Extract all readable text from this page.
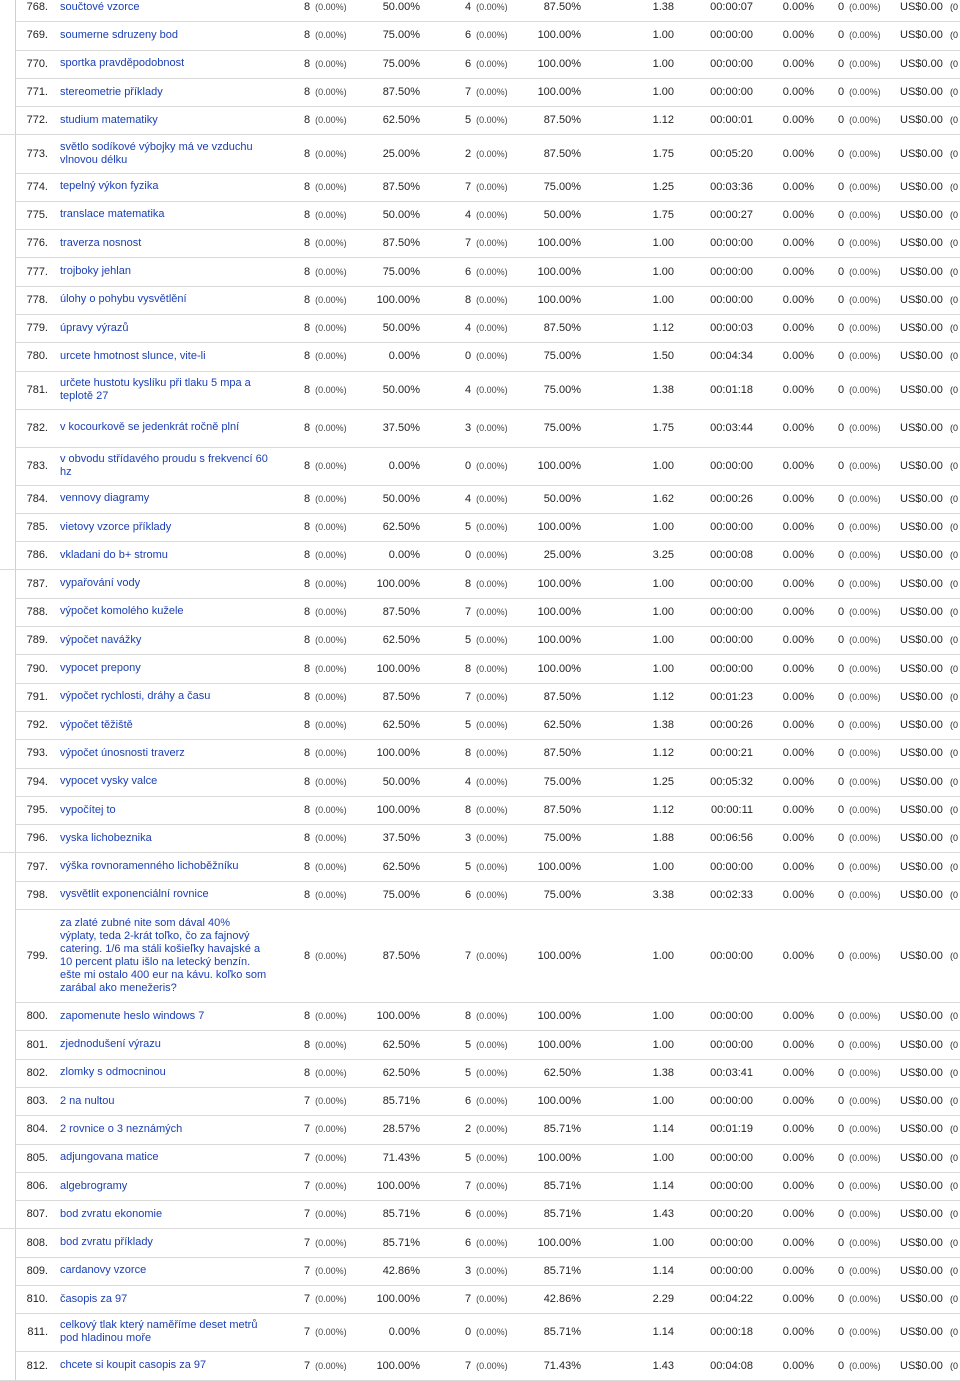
768. součtové vzorce	8 (0.00%)	50.00%	4 (0.00%)	87.50%	1.38	00:00:07	0.00% 0 (0.00%) US$0.00 (0
769. soumerne sdruzeny bod	8 (0.00%)	75.00%	6 (0.00%)	100.00%	1.00	00:00:00	0.00% 0 (0.00%) US$0.00 (0
770. sportka pravděpodobnost	8 (0.00%)	75.00%	6 (0.00%)	100.00%	1.00	00:00:00	0.00% 0 (0.00%) US$0.00 (0
771. stereometrie příklady	8 (0.00%)	87.50%	7 (0.00%)	100.00%	1.00	00:00:00	0.00% 0 (0.00%) US$0.00 (0
772. studium matematiky	8 (0.00%)	62.50%	5 (0.00%)	87.50%	1.12	00:00:01	0.00% 0 (0.00%) US$0.00 (0
773.
světlo sodíkové výbojky má ve vzduchu vlnovou délku	8 (0.00%)	25.00%	2 (0.00%)	87.50%	1.75	00:05:20	0.00% 0 (0.00%) US$0.00 (0
774. tepelný výkon fyzika	8 (0.00%)	87.50%	7 (0.00%)	75.00%	1.25	00:03:36	0.00% 0 (0.00%) US$0.00 (0
775. translace matematika	8 (0.00%)	50.00%	4 (0.00%)	50.00%	1.75	00:00:27	0.00% 0 (0.00%) US$0.00 (0
776. traverza nosnost	8 (0.00%)	87.50%	7 (0.00%)	100.00%	1.00	00:00:00	0.00% 0 (0.00%) US$0.00 (0
777. trojboky jehlan	8 (0.00%)	75.00%	6 (0.00%)	100.00%	1.00	00:00:00	0.00% 0 (0.00%) US$0.00 (0
778. úlohy o pohybu vysvětlění	8 (0.00%)	100.00%	8 (0.00%)	100.00%	1.00	00:00:00	0.00% 0 (0.00%) US$0.00 (0
779. úpravy výrazů	8 (0.00%)	50.00%	4 (0.00%)	87.50%	1.12	00:00:03	0.00% 0 (0.00%) US$0.00 (0
780. urcete hmotnost slunce, vite-li	8 (0.00%)	0.00%	0 (0.00%)	75.00%	1.50	00:04:34	0.00% 0 (0.00%) US$0.00 (0
781.
určete hustotu kyslíku při tlaku 5 mpa a teplotě 27	8 (0.00%)	50.00%	4 (0.00%)	75.00%	1.38	00:01:18	0.00% 0 (0.00%) US$0.00 (0
782. v kocourkově se jedenkrát ročně plní	8 (0.00%)	37.50%	3 (0.00%)	75.00%	1.75	00:03:44	0.00% 0 (0.00%) US$0.00 (0
783.
v obvodu střídavého proudu s frekvencí 60 hz	8 (0.00%)	0.00%	0 (0.00%)	100.00%	1.00	00:00:00	0.00% 0 (0.00%) US$0.00 (0
784. vennovy diagramy	8 (0.00%)	50.00%	4 (0.00%)	50.00%	1.62	00:00:26	0.00% 0 (0.00%) US$0.00 (0
785. vietovy vzorce příklady	8 (0.00%)	62.50%	5 (0.00%)	100.00%	1.00	00:00:00	0.00% 0 (0.00%) US$0.00 (0
786. vkladani do b+ stromu	8 (0.00%)	0.00%	0 (0.00%)	25.00%	3.25	00:00:08	0.00% 0 (0.00%) US$0.00 (0
787. vypařování vody	8 (0.00%)	100.00%	8 (0.00%)	100.00%	1.00	00:00:00	0.00% 0 (0.00%) US$0.00 (0
788. výpočet komolého kužele	8 (0.00%)	87.50%	7 (0.00%)	100.00%	1.00	00:00:00	0.00% 0 (0.00%) US$0.00 (0
789. výpočet navážky	8 (0.00%)	62.50%	5 (0.00%)	100.00%	1.00	00:00:00	0.00% 0 (0.00%) US$0.00 (0
790. vypocet prepony	8 (0.00%)	100.00%	8 (0.00%)	100.00%	1.00	00:00:00	0.00% 0 (0.00%) US$0.00 (0
791. výpočet rychlosti, dráhy a času	8 (0.00%)	87.50%	7 (0.00%)	87.50%	1.12	00:01:23	0.00% 0 (0.00%) US$0.00 (0
792. výpočet těžiště	8 (0.00%)	62.50%	5 (0.00%)	62.50%	1.38	00:00:26	0.00% 0 (0.00%) US$0.00 (0
793. výpočet únosnosti traverz	8 (0.00%)	100.00%	8 (0.00%)	87.50%	1.12	00:00:21	0.00% 0 (0.00%) US$0.00 (0
794. vypocet vysky valce	8 (0.00%)	50.00%	4 (0.00%)	75.00%	1.25	00:05:32	0.00% 0 (0.00%) US$0.00 (0
795. vypočítej to	8 (0.00%)	100.00%	8 (0.00%)	87.50%	1.12	00:00:11	0.00% 0 (0.00%) US$0.00 (0
796. vyska lichobeznika	8 (0.00%)	37.50%	3 (0.00%)	75.00%	1.88	00:06:56	0.00% 0 (0.00%) US$0.00 (0
797. výška rovnoramenného lichoběžníku	8 (0.00%)	62.50%	5 (0.00%)	100.00%	1.00	00:00:00	0.00% 0 (0.00%) US$0.00 (0
798. vysvětlit exponenciální rovnice	8 (0.00%)	75.00%	6 (0.00%)	75.00%	3.38	00:02:33	0.00% 0 (0.00%) US$0.00 (0
799.
za zlaté zubné nite som dával 40% výplaty, teda 2-krát toľko, čo za fajnový catering. 1/6 ma stáli košieľky havajské a 10 percent platu išlo na letecký benzín. ešte mi ostalo 400 eur na kávu. koľko som zarábal ako menežeris?
8 (0.00%)	87.50%	7 (0.00%)	100.00%	1.00	00:00:00	0.00% 0 (0.00%) US$0.00 (0
800. zapomenute heslo windows 7	8 (0.00%)	100.00%	8 (0.00%)	100.00%	1.00	00:00:00	0.00% 0 (0.00%) US$0.00 (0
801. zjednodušení výrazu	8 (0.00%)	62.50%	5 (0.00%)	100.00%	1.00	00:00:00	0.00% 0 (0.00%) US$0.00 (0
802. zlomky s odmocninou	8 (0.00%)	62.50%	5 (0.00%)	62.50%	1.38	00:03:41	0.00% 0 (0.00%) US$0.00 (0
803. 2 na nultou	7 (0.00%)	85.71%	6 (0.00%)	100.00%	1.00	00:00:00	0.00% 0 (0.00%) US$0.00 (0
804. 2 rovnice o 3 neznámých	7 (0.00%)	28.57%	2 (0.00%)	85.71%	1.14	00:01:19	0.00% 0 (0.00%) US$0.00 (0
805. adjungovana matice	7 (0.00%)	71.43%	5 (0.00%)	100.00%	1.00	00:00:00	0.00% 0 (0.00%) US$0.00 (0
806. algebrogramy	7 (0.00%)	100.00%	7 (0.00%)	85.71%	1.14	00:00:00	0.00% 0 (0.00%) US$0.00 (0
807. bod zvratu ekonomie	7 (0.00%)	85.71%	6 (0.00%)	85.71%	1.43	00:00:20	0.00% 0 (0.00%) US$0.00 (0
808. bod zvratu příklady	7 (0.00%)	85.71%	6 (0.00%)	100.00%	1.00	00:00:00	0.00% 0 (0.00%) US$0.00 (0
809. cardanovy vzorce	7 (0.00%)	42.86%	3 (0.00%)	85.71%	1.14	00:00:00	0.00% 0 (0.00%) US$0.00 (0
810. časopis za 97	7 (0.00%)	100.00%	7 (0.00%)	42.86%	2.29	00:04:22	0.00% 0 (0.00%) US$0.00 (0
811.
celkový tlak který naměříme deset metrů pod hladinou moře	7 (0.00%)	0.00%	0 (0.00%)	85.71%	1.14	00:00:18	0.00% 0 (0.00%) US$0.00 (0
812. chcete si koupit casopis za 97	7 (0.00%)	100.00%	7 (0.00%)	71.43%	1.43	00:04:08	0.00% 0 (0.00%) US$0.00 (0
